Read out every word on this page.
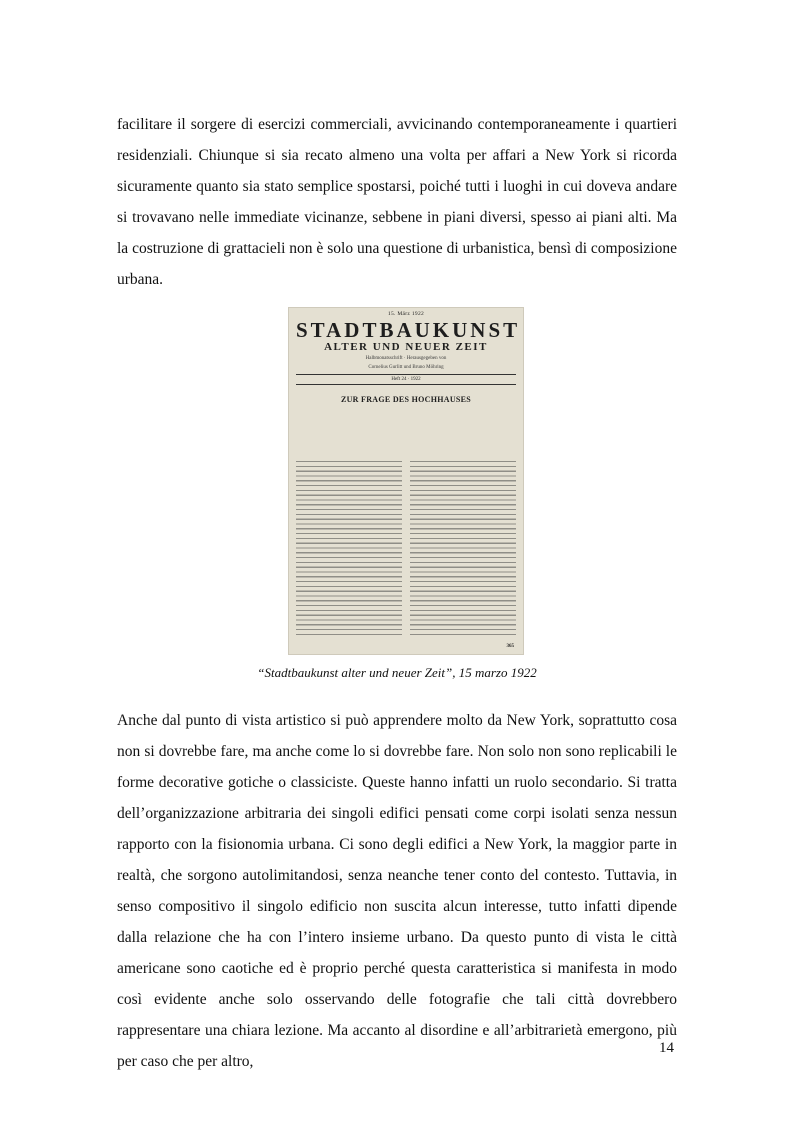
facilitare il sorgere di esercizi commerciali, avvicinando contemporaneamente i quartieri residenziali. Chiunque si sia recato almeno una volta per affari a New York si ricorda sicuramente quanto sia stato semplice spostarsi, poiché tutti i luoghi in cui doveva andare si trovavano nelle immediate vicinanze, sebbene in piani diversi, spesso ai piani alti. Ma la costruzione di grattacieli non è solo una questione di urbanistica, bensì di composizione urbana.

15. März 1922
STADTBAUKUNST
ALTER UND NEUER ZEIT
Halbmonatsschrift · Herausgegeben von
Cornelius Gurlitt und Bruno Möhring
Heft 24 · 1922
ZUR FRAGE DES HOCHHAUSES

365
“Stadtbaukunst alter und neuer Zeit”, 15 marzo 1922

Anche dal punto di vista artistico si può apprendere molto da New York, soprattutto cosa non si dovrebbe fare, ma anche come lo si dovrebbe fare. Non solo non sono replicabili le forme decorative gotiche o classiciste. Queste hanno infatti un ruolo secondario. Si tratta dell’organizzazione arbitraria dei singoli edifici pensati come corpi isolati senza nessun rapporto con la fisionomia urbana. Ci sono degli edifici a New York, la maggior parte in realtà, che sorgono autolimitandosi, senza neanche tener conto del contesto. Tuttavia, in senso compositivo il singolo edificio non suscita alcun interesse, tutto infatti dipende dalla relazione che ha con l’intero insieme urbano. Da questo punto di vista le città americane sono caotiche ed è proprio perché questa caratteristica si manifesta in modo così evidente anche solo osservando delle fotografie che tali città dovrebbero rappresentare una chiara lezione. Ma accanto al disordine e all’arbitrarietà emergono, più per caso che per altro,

14
